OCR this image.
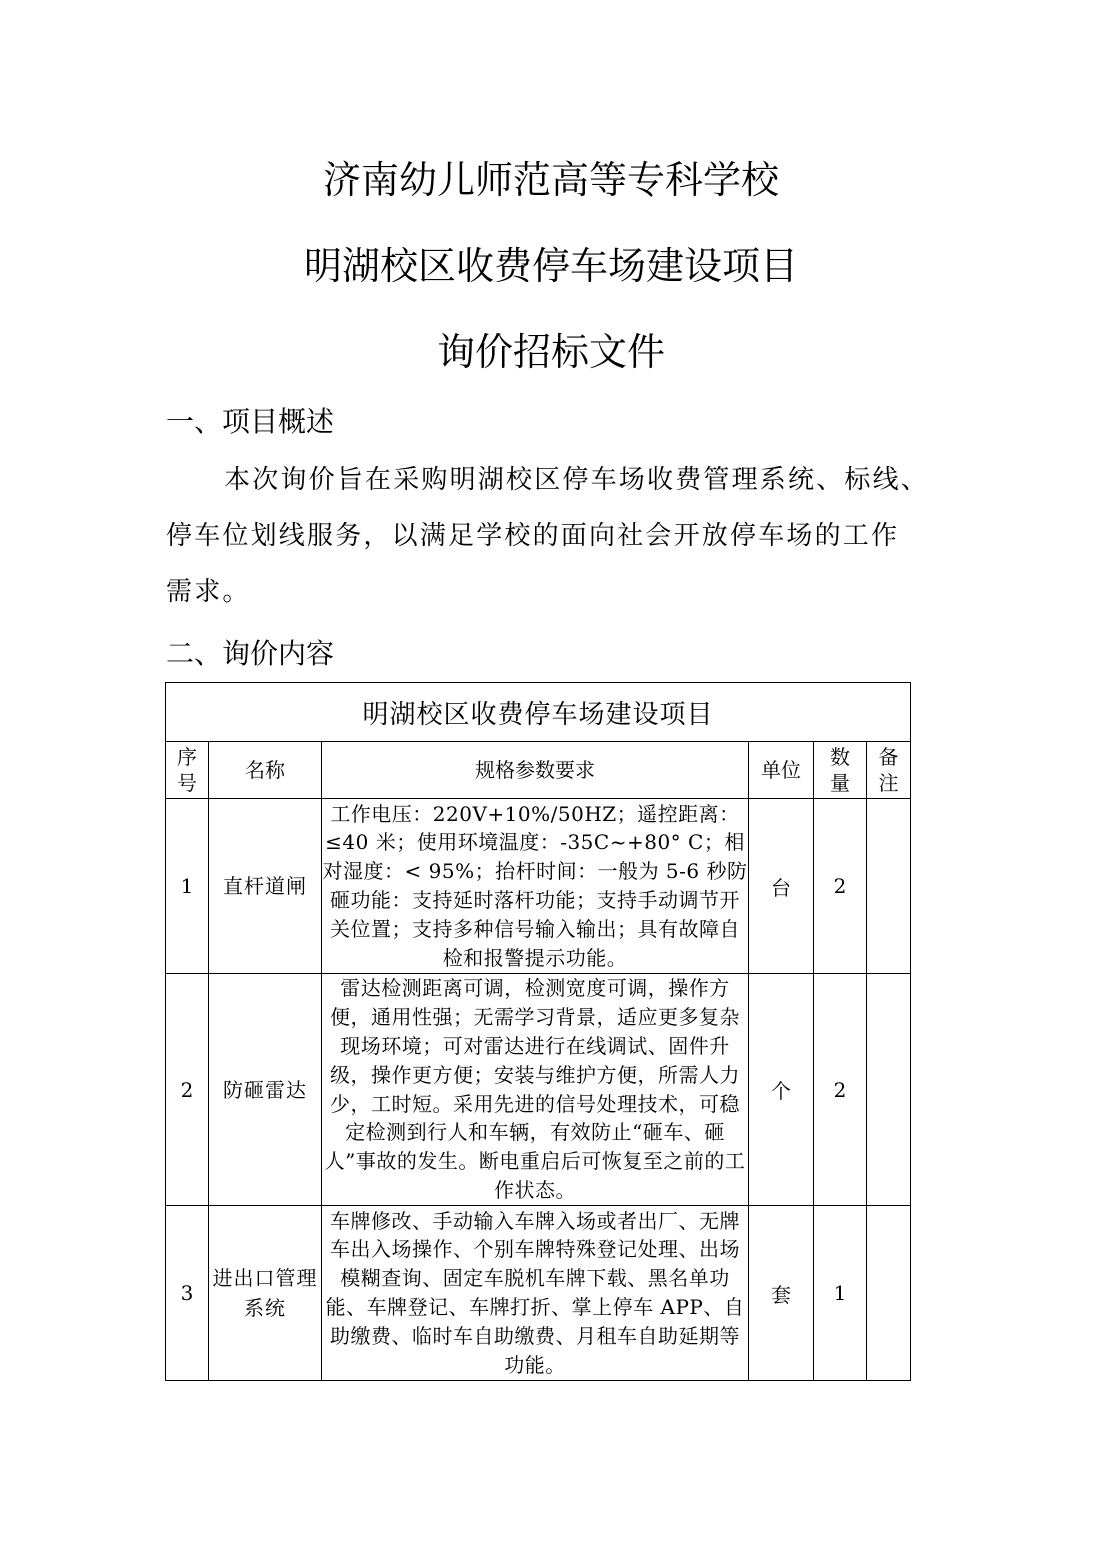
济南幼儿师范高等专科学校
明湖校区收费停车场建设项目
询价招标文件
一、项目概述

本次询价旨在采购明湖校区停车场收费管理系统、标线、

停车位划线服务，以满足学校的面向社会开放停车场的工作

需求。

二、询价内容
明湖校区收费停车场建设项目					
序号	名称	规格参数要求	单位	数量	备注
1	直杆道闸	工作电压：220V+10%/50HZ；遥控距离：≤40 米；使用环境温度：-35C~+80° C；相对湿度：< 95%；抬杆时间：一般为 5-6 秒防砸功能：支持延时落杆功能；支持手动调节开关位置；支持多种信号输入输出；具有故障自检和报警提示功能。	台	2	
2	防砸雷达	雷达检测距离可调，检测宽度可调，操作方便，通用性强；无需学习背景，适应更多复杂现场环境；可对雷达进行在线调试、固件升级，操作更方便；安装与维护方便，所需人力少，工时短。采用先进的信号处理技术，可稳定检测到行人和车辆，有效防止“砸车、砸人”事故的发生。断电重启后可恢复至之前的工作状态。	个	2	
3	进出口管理系统	车牌修改、手动输入车牌入场或者出厂、无牌车出入场操作、个别车牌特殊登记处理、出场模糊查询、固定车脱机车牌下载、黑名单功能、车牌登记、车牌打折、掌上停车 APP、自助缴费、临时车自助缴费、月租车自助延期等功能。	套	1	
